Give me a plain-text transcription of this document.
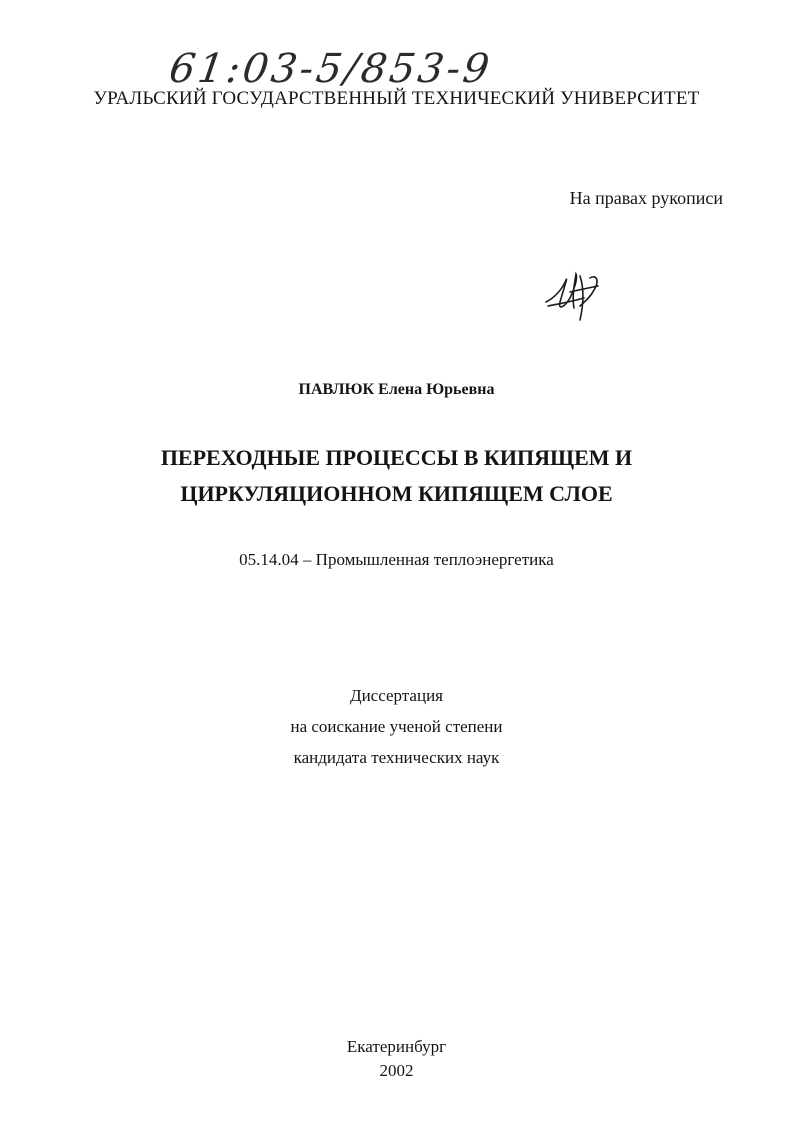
61:03-5/853-9
УРАЛЬСКИЙ ГОСУДАРСТВЕННЫЙ ТЕХНИЧЕСКИЙ УНИВЕРСИТЕТ
На правах рукописи
ПАВЛЮК Елена Юрьевна
ПЕРЕХОДНЫЕ ПРОЦЕССЫ В КИПЯЩЕМ И
ЦИРКУЛЯЦИОННОМ КИПЯЩЕМ СЛОЕ
05.14.04 – Промышленная теплоэнергетика
Диссертация
на соискание ученой степени
кандидата технических наук
Екатеринбург
2002
